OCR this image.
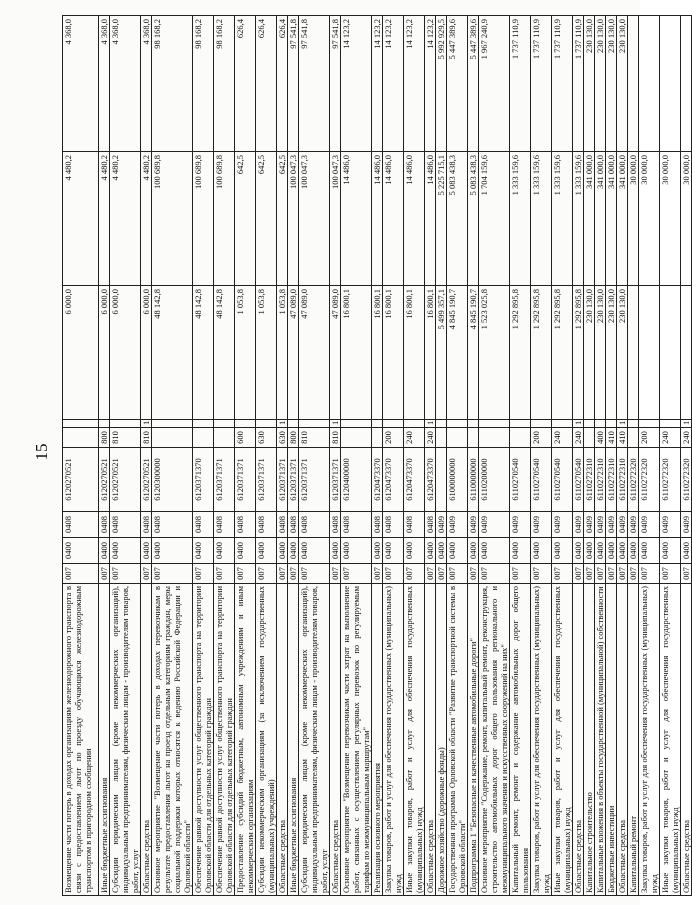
15
Возмещение части потерь в доходах организациям железнодорожного транспорта в связи с предоставлением льгот по проезду обучающихся железнодорожным транспортом в пригородном сообщении	007	0400	0408	6120270521			6 000,0	4 480,2	4 368,0
Иные бюджетные ассигнования	007	0400	0408	6120270521	800		6 000,0	4 480,2	4 368,0
Субсидии юридическим лицам (кроме некоммерческих организаций), индивидуальным предпринимателям, физическим лицам - производителям товаров, работ, услуг	007	0400	0408	6120270521	810		6 000,0	4 480,2	4 368,0
Областные средства	007	0400	0408	6120270521	810	1	6 000,0	4 480,2	4 368,0
Основное мероприятие "Возмещение части потерь в доходах перевозчикам в результате предоставления льгот на проезд отдельным категориям граждан, меры социальной поддержки которых относятся к ведению Российской Федерации и Орловской области"	007	0400	0408	6120300000			48 142,8	100 689,8	98 168,2
Обеспечение равной доступности услуг общественного транспорта на территории Орловской области для отдельных категорий граждан	007	0400	0408	6120371370			48 142,8	100 689,8	98 168,2
Обеспечение равной доступности услуг общественного транспорта на территории Орловской области для отдельных категорий граждан	007	0400	0408	6120371371			48 142,8	100 689,8	98 168,2
Предоставление субсидий бюджетным, автономным учреждениям и иным некоммерческим организациям	007	0400	0408	6120371371	600		1 053,8	642,5	626,4
Субсидии некоммерческим организациям (за исключением государственных (муниципальных) учреждений)	007	0400	0408	6120371371	630		1 053,8	642,5	626,4
Областные средства	007	0400	0408	6120371371	630	1	1 053,8	642,5	626,4
Иные бюджетные ассигнования	007	0400	0408	6120371371	800		47 089,0	100 047,3	97 541,8
Субсидии юридическим лицам (кроме некоммерческих организаций), индивидуальным предпринимателям, физическим лицам - производителям товаров, работ, услуг	007	0400	0408	6120371371	810		47 089,0	100 047,3	97 541,8
Областные средства	007	0400	0408	6120371371	810	1	47 089,0	100 047,3	97 541,8
Основное мероприятие "Возмещение перевозчикам части затрат на выполнение работ, связанных с осуществлением регулярных перевозок по регулируемым тарифам по межмуниципальным маршрутам"	007	0400	0408	6120400000			16 800,1	14 486,0	14 123,2
Реализация основного мероприятия	007	0400	0408	6120473370			16 800,1	14 486,0	14 123,2
Закупка товаров, работ и услуг для обеспечения государственных (муниципальных) нужд	007	0400	0408	6120473370	200		16 800,1	14 486,0	14 123,2
Иные закупки товаров, работ и услуг для обеспечения государственных (муниципальных) нужд	007	0400	0408	6120473370	240		16 800,1	14 486,0	14 123,2
Областные средства	007	0400	0408	6120473370	240	1	16 800,1	14 486,0	14 123,2
Дорожное хозяйство (дорожные фонды)	007	0400	0409				5 499 357,1	5 225 715,1	5 992 929,5
Государственная программа Орловской области "Развитие транспортной системы в Орловской области"	007	0400	0409	6100000000			4 845 190,7	5 083 438,3	5 447 389,6
Подпрограмма 1 "Безопасные и качественные автомобильные дороги"	007	0400	0409	6110000000			4 845 190,7	5 083 438,3	5 447 389,6
Основное мероприятие "Содержание, ремонт, капитальный ремонт, реконструкция, строительство автомобильных дорог общего пользования регионального и межмуниципального значения и искусственных сооружений на них"	007	0400	0409	6110200000			1 523 025,8	1 704 159,6	1 967 240,9
Капитальный ремонт, ремонт и содержание автомобильных дорог общего пользования	007	0400	0409	6110270540			1 292 895,8	1 333 159,6	1 737 110,9
Закупка товаров, работ и услуг для обеспечения государственных (муниципальных) нужд	007	0400	0409	6110270540	200		1 292 895,8	1 333 159,6	1 737 110,9
Иные закупки товаров, работ и услуг для обеспечения государственных (муниципальных) нужд	007	0400	0409	6110270540	240		1 292 895,8	1 333 159,6	1 737 110,9
Областные средства	007	0400	0409	6110270540	240	1	1 292 895,8	1 333 159,6	1 737 110,9
Капитальное строительство	007	0400	0409	6110272310			230 130,0	341 000,0	230 130,0
Капитальные вложения в объекты государственной (муниципальной) собственности	007	0400	0409	6110272310	400		230 130,0	341 000,0	230 130,0
Бюджетные инвестиции	007	0400	0409	6110272310	410		230 130,0	341 000,0	230 130,0
Областные средства	007	0400	0409	6110272310	410	1	230 130,0	341 000,0	230 130,0
Капитальный ремонт	007	0400	0409	6110272320				30 000,0	
Закупка товаров, работ и услуг для обеспечения государственных (муниципальных) нужд	007	0400	0409	6110272320	200			30 000,0	
Иные закупки товаров, работ и услуг для обеспечения государственных (муниципальных) нужд	007	0400	0409	6110272320	240			30 000,0	
Областные средства	007	0400	0409	6110272320	240	1		30 000,0	
